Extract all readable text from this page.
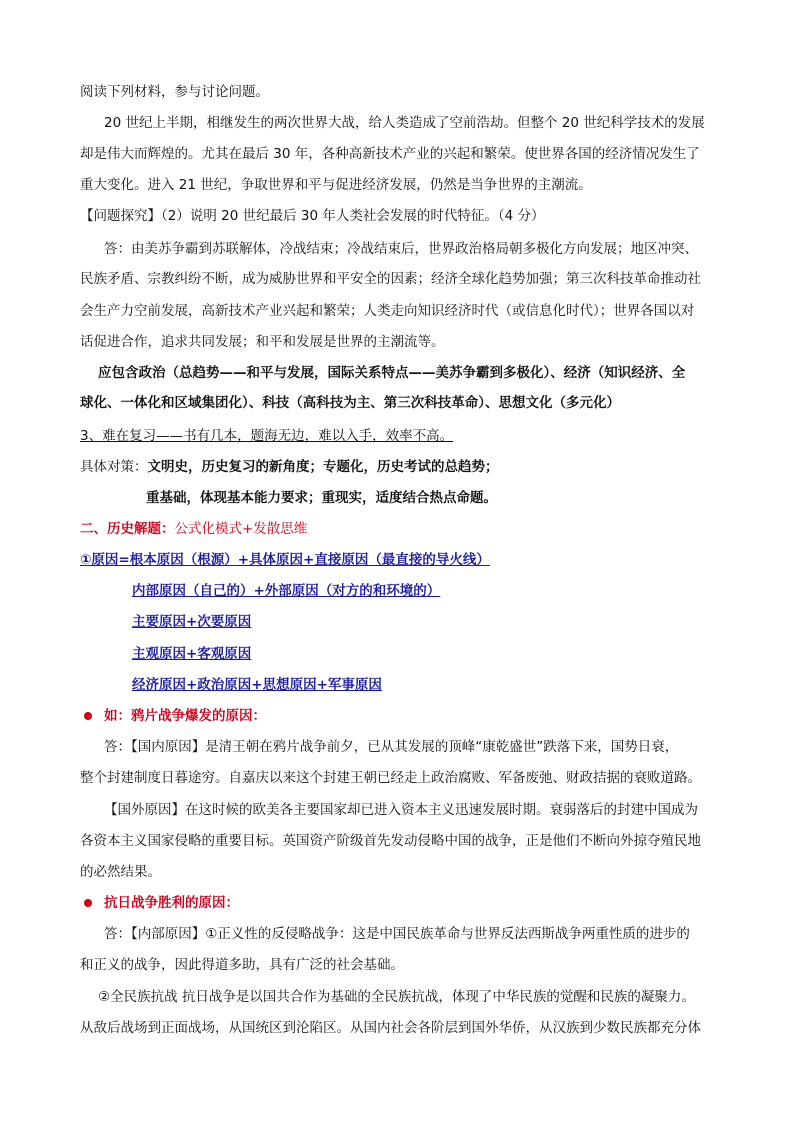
阅读下列材料，参与讨论问题。
20 世纪上半期，相继发生的两次世界大战，给人类造成了空前浩劫。但整个 20 世纪科学技术的发展
却是伟大而辉煌的。尤其在最后 30 年，各种高新技术产业的兴起和繁荣。使世界各国的经济情况发生了
重大变化。进入 21 世纪，争取世界和平与促进经济发展，仍然是当争世界的主潮流。
【问题探究】（2）说明 20 世纪最后 30 年人类社会发展的时代特征。（4 分）
答：由美苏争霸到苏联解体，冷战结束；冷战结束后，世界政治格局朝多极化方向发展；地区冲突、
民族矛盾、宗教纠纷不断，成为威胁世界和平安全的因素；经济全球化趋势加强；第三次科技革命推动社
会生产力空前发展，高新技术产业兴起和繁荣；人类走向知识经济时代（或信息化时代）；世界各国以对
话促进合作，追求共同发展；和平和发展是世界的主潮流等。
应包含政治（总趋势——和平与发展，国际关系特点——美苏争霸到多极化）、经济（知识经济、全
球化、一体化和区域集团化）、科技（高科技为主、第三次科技革命）、思想文化（多元化）
3、难在复习——书有几本，题海无边，难以入手，效率不高。
具体对策：文明史，历史复习的新角度；专题化，历史考试的总趋势；
重基础，体现基本能力要求；重现实，适度结合热点命题。
二、历史解题：公式化模式+发散思维
①原因=根本原因（根源）+具体原因+直接原因（最直接的导火线）
内部原因（自己的）+外部原因（对方的和环境的）
主要原因+次要原因
主观原因+客观原因
经济原因+政治原因+思想原因+军事原因
如：鸦片战争爆发的原因：
答：【国内原因】是清王朝在鸦片战争前夕，已从其发展的顶峰“康乾盛世”跌落下来，国势日衰，
整个封建制度日暮途穷。自嘉庆以来这个封建王朝已经走上政治腐败、军备废弛、财政拮据的衰败道路。
【国外原因】在这时候的欧美各主要国家却已进入资本主义迅速发展时期。衰弱落后的封建中国成为
各资本主义国家侵略的重要目标。英国资产阶级首先发动侵略中国的战争，正是他们不断向外掠夺殖民地
的必然结果。
抗日战争胜利的原因：
答：【内部原因】①正义性的反侵略战争：这是中国民族革命与世界反法西斯战争两重性质的进步的
和正义的战争，因此得道多助，具有广泛的社会基础。
②全民族抗战 抗日战争是以国共合作为基础的全民族抗战，体现了中华民族的觉醒和民族的凝聚力。
从敌后战场到正面战场，从国统区到沦陷区。从国内社会各阶层到国外华侨，从汉族到少数民族都充分体
